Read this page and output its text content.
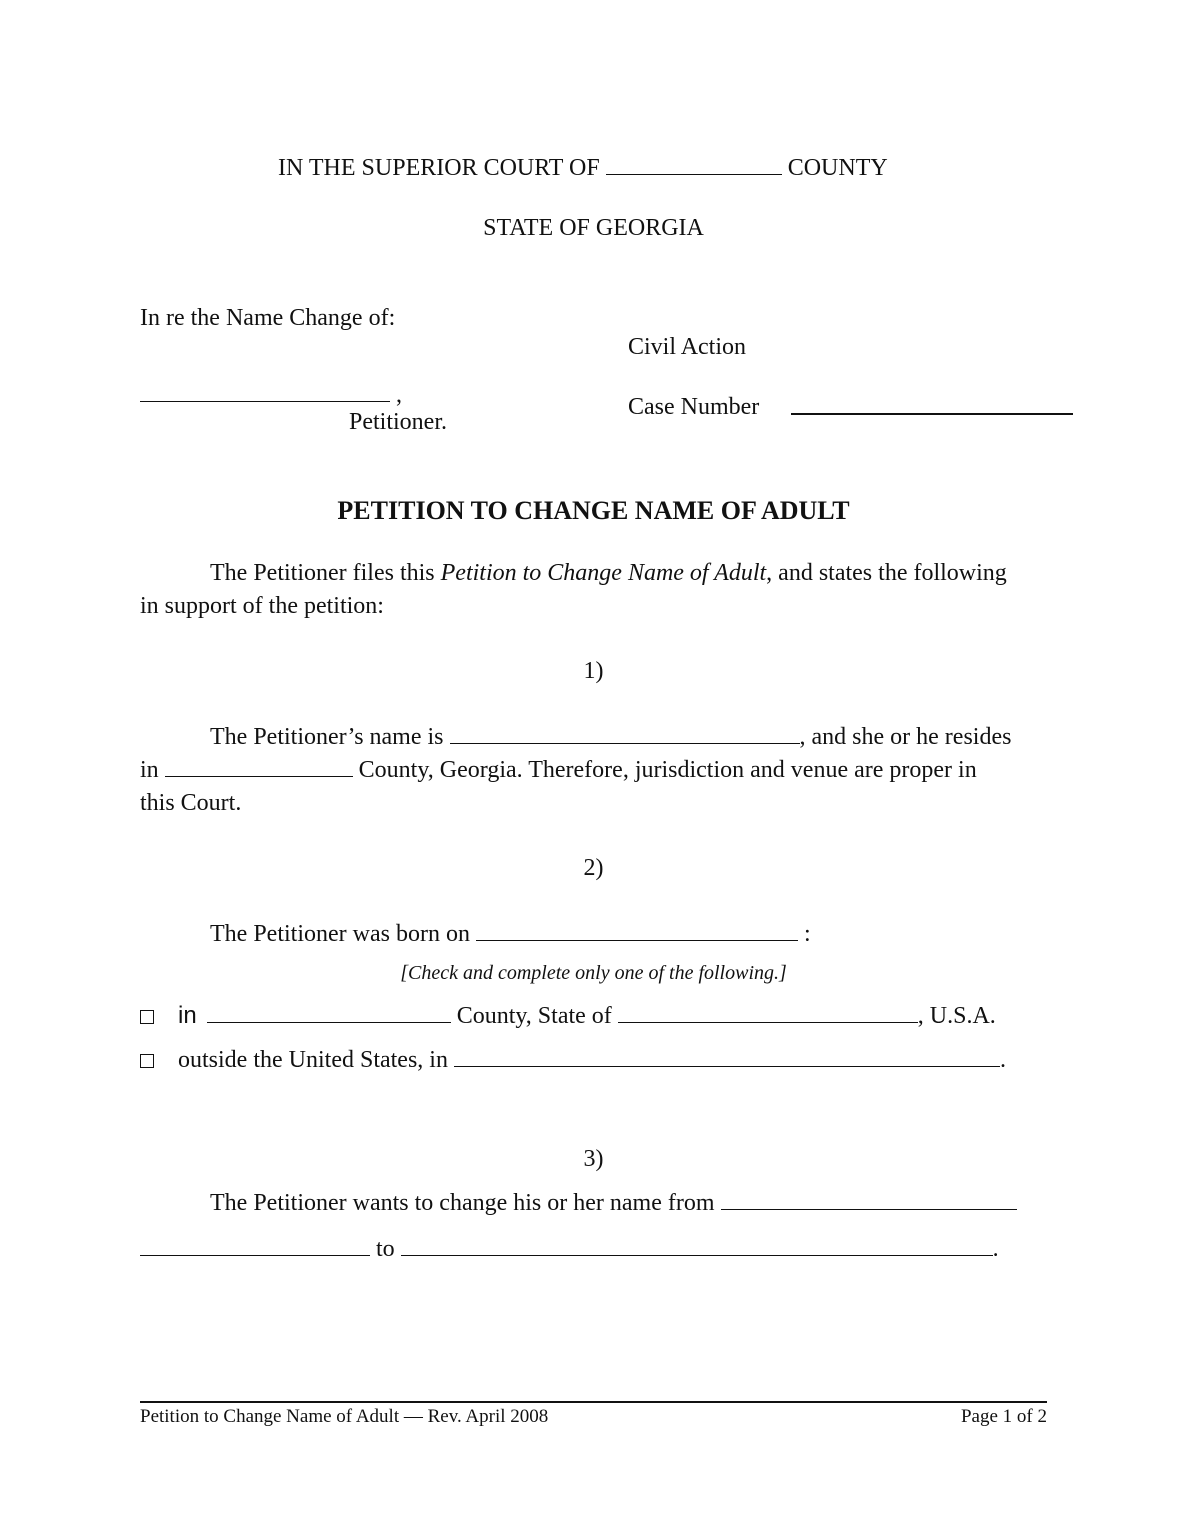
IN THE SUPERIOR COURT OF	COUNTY
STATE OF GEORGIA
In re the Name Change of:
Civil Action
,
Petitioner.
Case Number
PETITION TO CHANGE NAME OF ADULT
The Petitioner files this Petition to Change Name of Adult, and states the following
in support of the petition:
1)
The Petitioner’s name is	, and she or he resides
in	County, Georgia. Therefore, jurisdiction and venue are proper in
this Court.
2)
The Petitioner was born on	:
[Check and complete only one of the following.]
in	County, State of	, U.S.A.
outside the United States, in	.
3)
The Petitioner wants to change his or her name from
to	.
Petition to Change Name of Adult — Rev. April 2008	Page 1 of 2
